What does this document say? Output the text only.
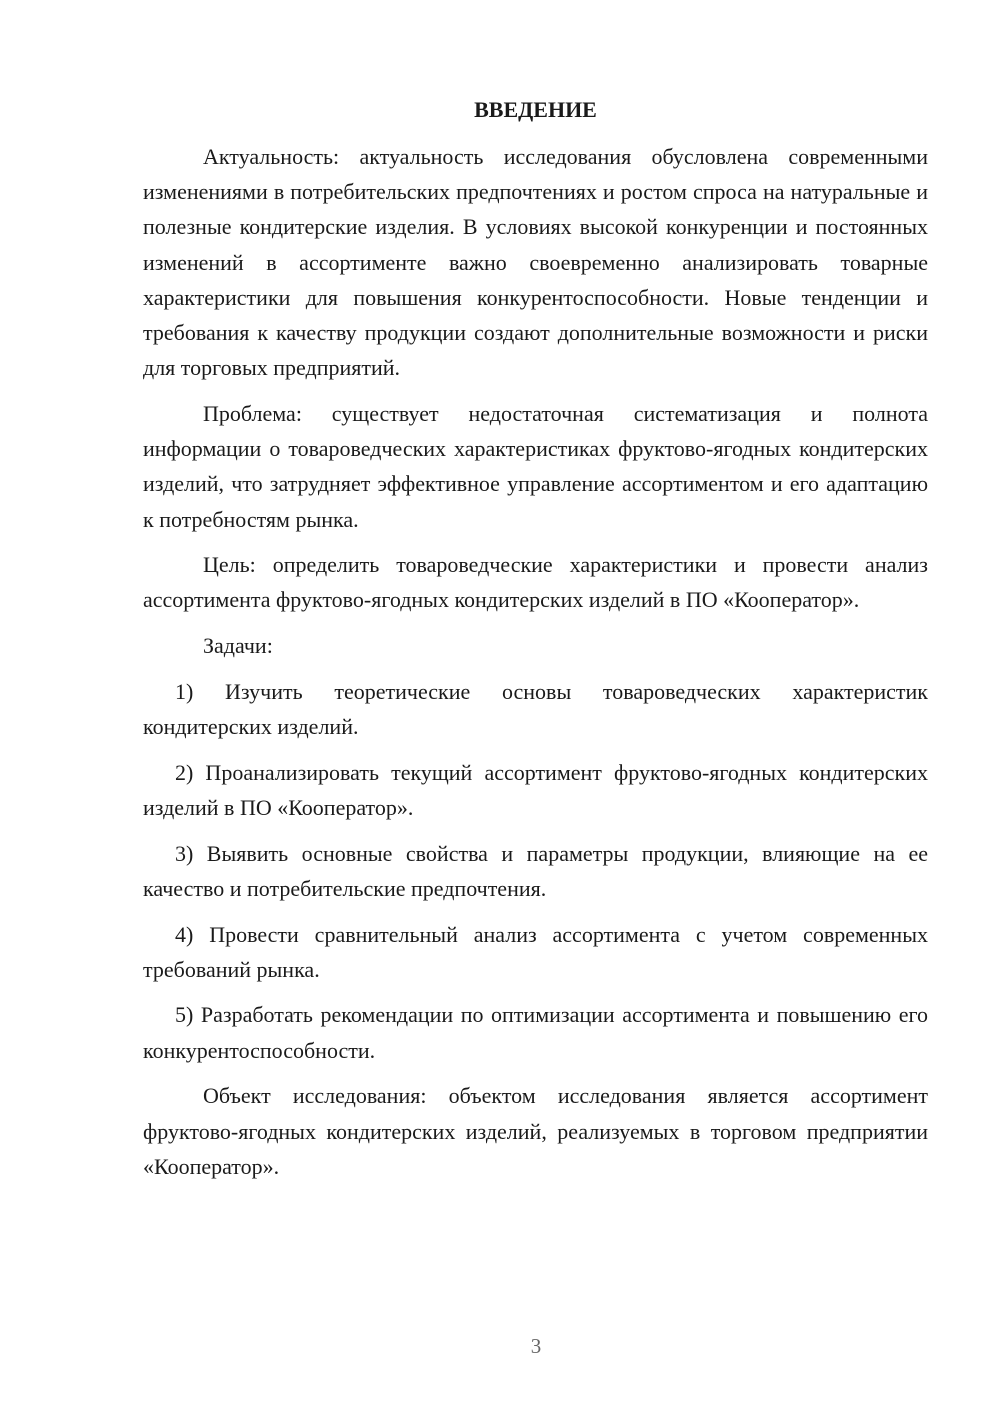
ВВЕДЕНИЕ

Актуальность: актуальность исследования обусловлена современными изменениями в потребительских предпочтениях и ростом спроса на натуральные и полезные кондитерские изделия. В условиях высокой конкуренции и постоянных изменений в ассортименте важно своевременно анализировать товарные характеристики для повышения конкурентоспособности. Новые тенденции и требования к качеству продукции создают дополнительные возможности и риски для торговых предприятий.

Проблема: существует недостаточная систематизация и полнота информации о товароведческих характеристиках фруктово-ягодных кондитерских изделий, что затрудняет эффективное управление ассортиментом и его адаптацию к потребностям рынка.

Цель: определить товароведческие характеристики и провести анализ ассортимента фруктово-ягодных кондитерских изделий в ПО «Кооператор».

Задачи:

1) Изучить теоретические основы товароведческих характеристик кондитерских изделий.

2) Проанализировать текущий ассортимент фруктово-ягодных кондитерских изделий в ПО «Кооператор».

3) Выявить основные свойства и параметры продукции, влияющие на ее качество и потребительские предпочтения.

4) Провести сравнительный анализ ассортимента с учетом современных требований рынка.

5) Разработать рекомендации по оптимизации ассортимента и повышению его конкурентоспособности.

Объект исследования: объектом исследования является ассортимент фруктово-ягодных кондитерских изделий, реализуемых в торговом предприятии «Кооператор».

3
